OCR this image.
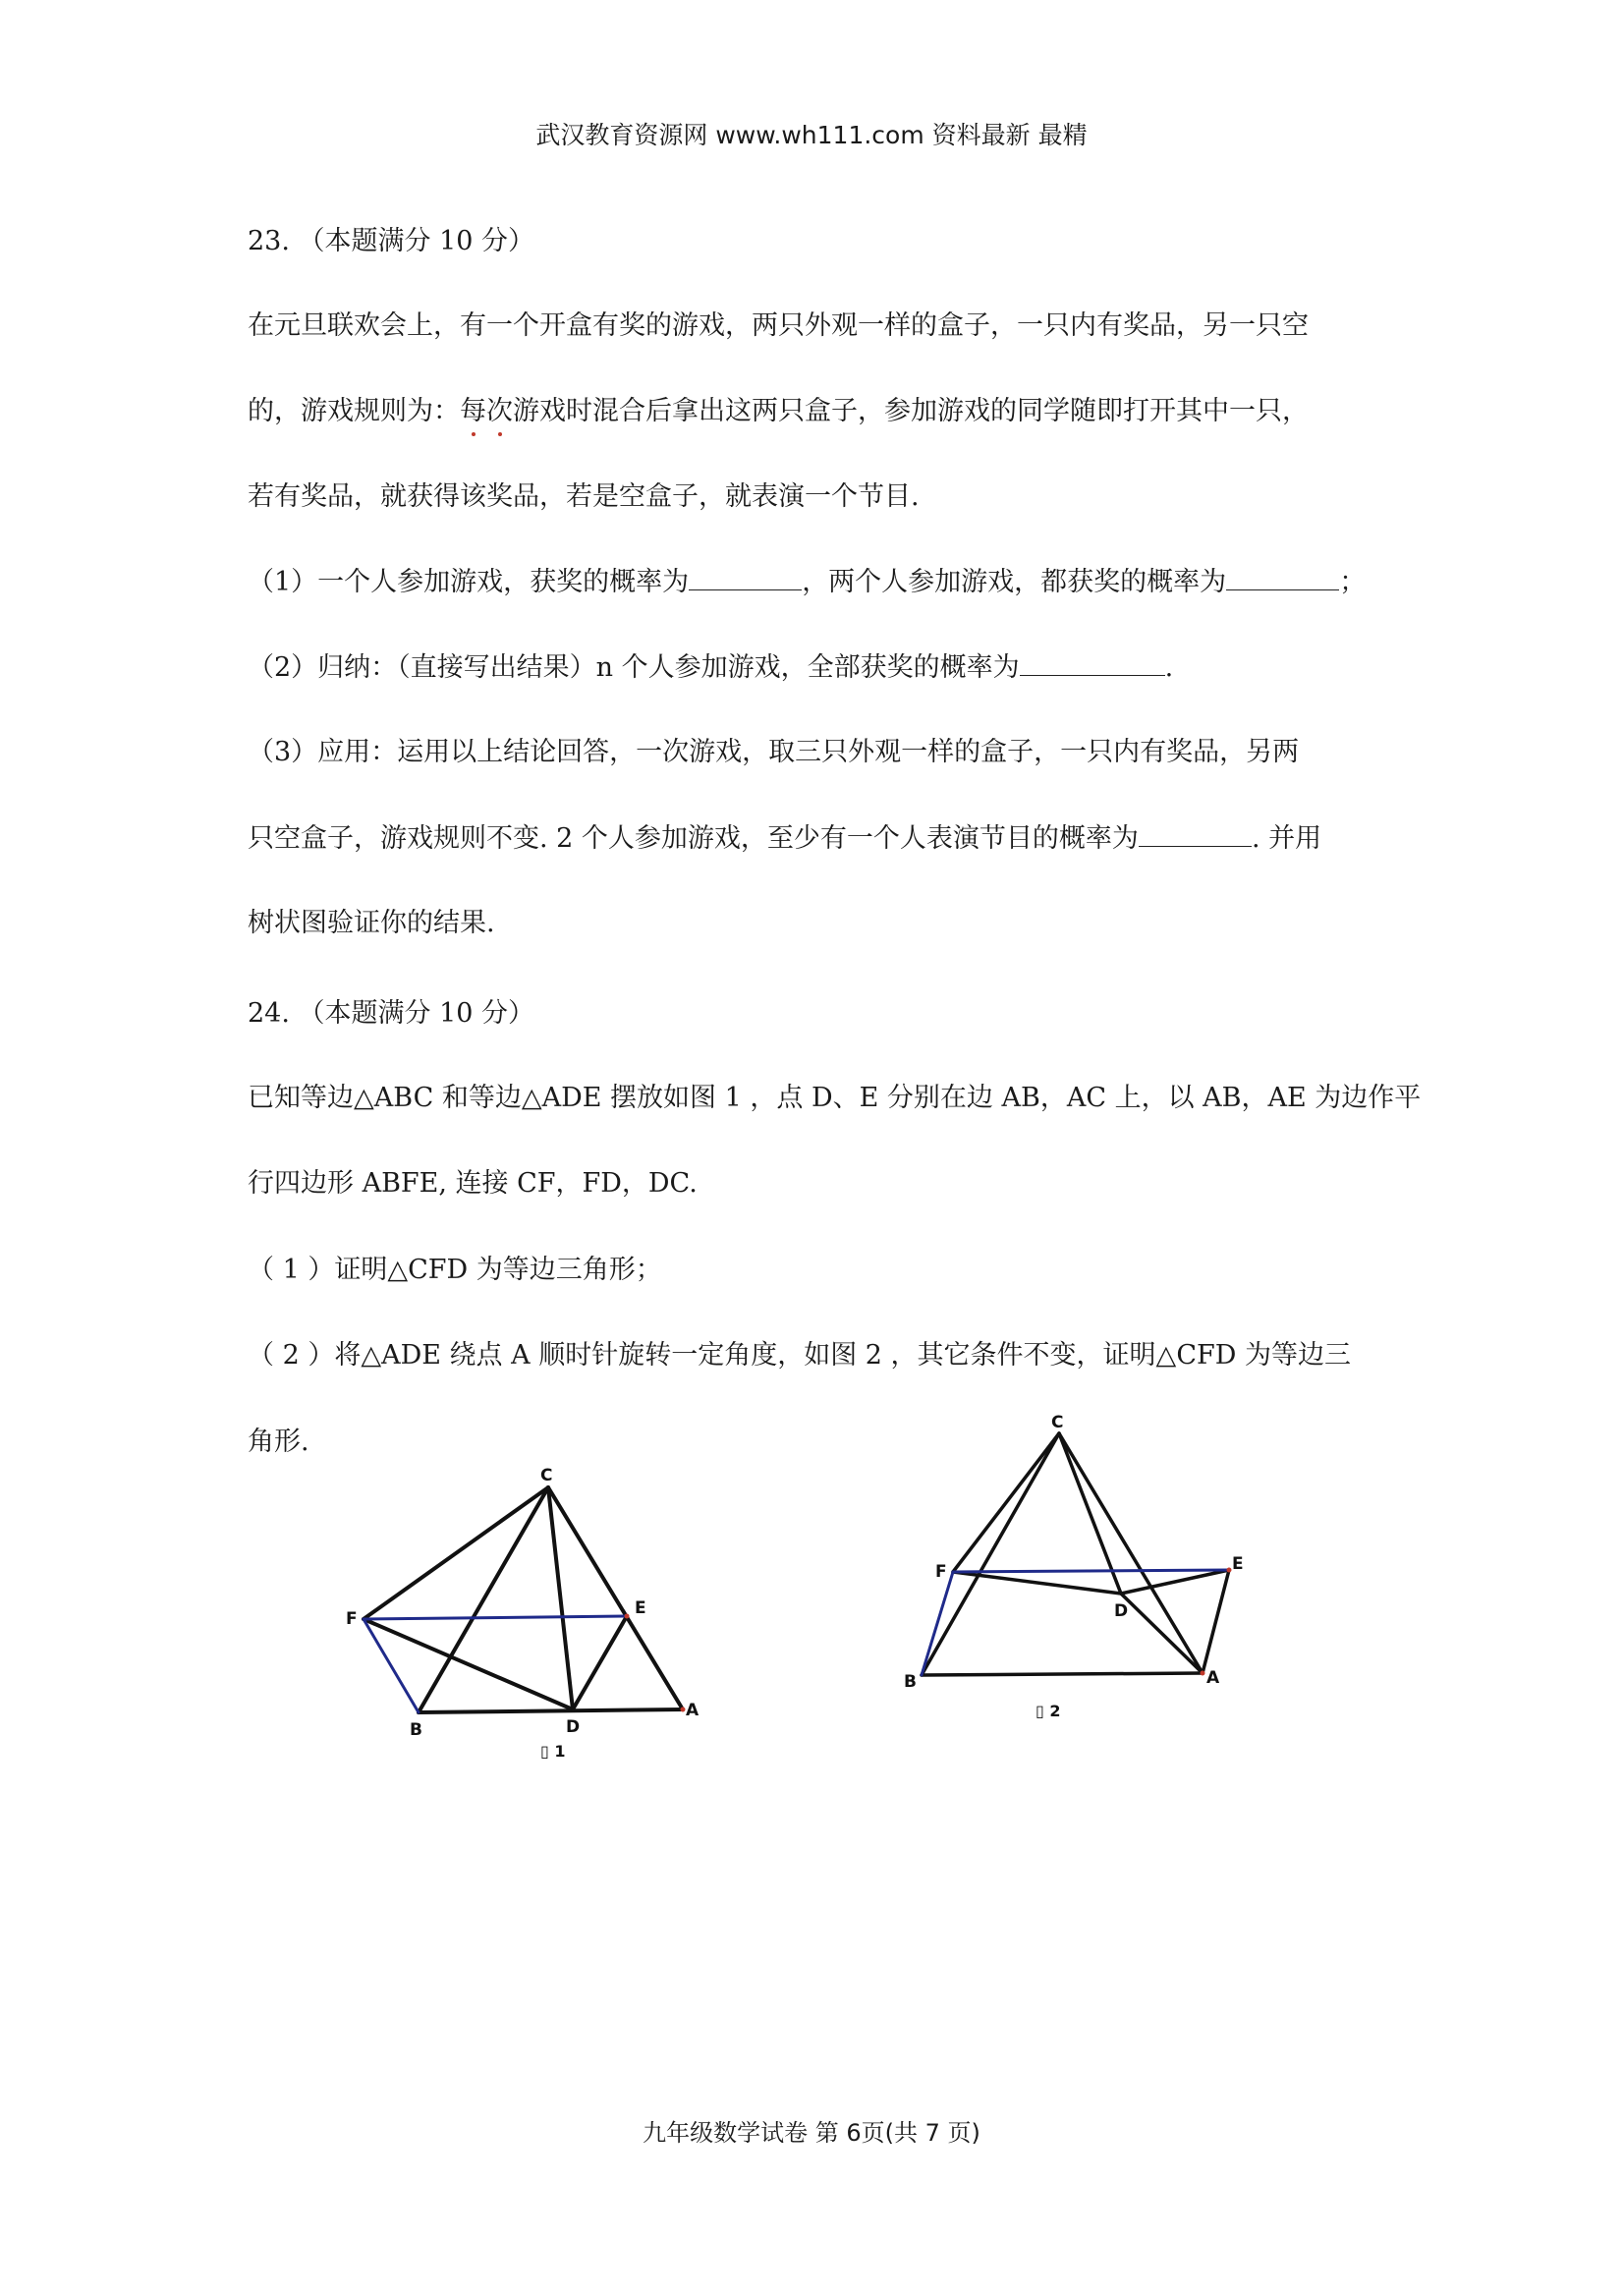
武汉教育资源网 www.wh111.com 资料最新 最精
23. （本题满分 10 分）
在元旦联欢会上，有一个开盒有奖的游戏，两只外观一样的盒子，一只内有奖品，另一只空
的，游戏规则为：每次游戏时混合后拿出这两只盒子，参加游戏的同学随即打开其中一只，
若有奖品，就获得该奖品，若是空盒子，就表演一个节目.
（1）一个人参加游戏，获奖的概率为	，两个人参加游戏，都获奖的概率为	；
（2）归纳：（直接写出结果）n 个人参加游戏，全部获奖的概率为	.
（3）应用：运用以上结论回答，一次游戏，取三只外观一样的盒子，一只内有奖品，另两
只空盒子，游戏规则不变. 2 个人参加游戏，至少有一个人表演节目的概率为	. 并用
树状图验证你的结果.
24. （本题满分 10 分）
已知等边△ABC 和等边△ADE 摆放如图 1 ，点 D、E 分别在边 AB，AC 上，以 AB，AE 为边作平
行四边形 ABFE, 连接 CF，FD，DC.
（ 1 ）证明△CFD 为等边三角形；
（ 2 ）将△ADE 绕点 A 顺时针旋转一定角度，如图 2 ，其它条件不变，证明△CFD 为等边三
角形.
C
F
E
B	D
A
▯ 1
C
F	E
D
B	A
▯ 2
九年级数学试卷 第 6页(共 7 页)
